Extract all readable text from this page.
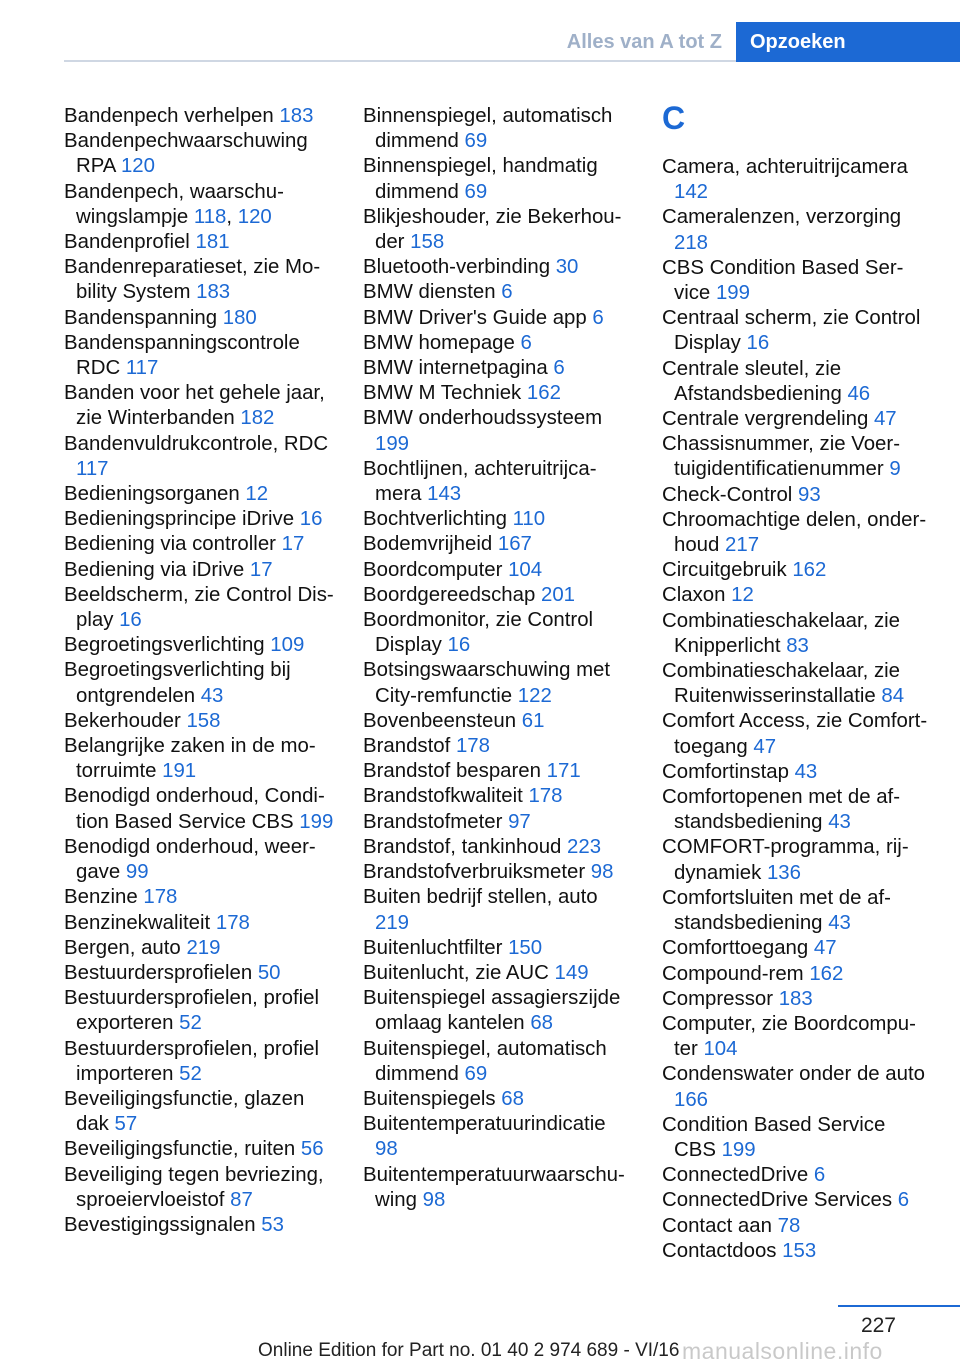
Alles van A tot Z	Opzoeken
Bandenpech verhelpen 183
Bandenpechwaarschuwing RPA 120
Bandenpech, waarschuwingslampje 118, 120
Bandenprofiel 181
Bandenreparatieset, zie Mobility System 183
Bandenspanning 180
Bandenspanningscontrole RDC 117
Banden voor het gehele jaar, zie Winterbanden 182
Bandenvuldrukcontrole, RDC 117
Bedieningsorganen 12
Bedieningsprincipe iDrive 16
Bediening via controller 17
Bediening via iDrive 17
Beeldscherm, zie Control Display 16
Begroetingsverlichting 109
Begroetingsverlichting bij ontgrendelen 43
Bekerhouder 158
Belangrijke zaken in de motorruimte 191
Benodigd onderhoud, Condition Based Service CBS 199
Benodigd onderhoud, weergave 99
Benzine 178
Benzinekwaliteit 178
Bergen, auto 219
Bestuurdersprofielen 50
Bestuurdersprofielen, profiel exporteren 52
Bestuurdersprofielen, profiel importeren 52
Beveiligingsfunctie, glazen dak 57
Beveiligingsfunctie, ruiten 56
Beveiliging tegen bevriezing, sproeiervloeistof 87
Bevestigingssignalen 53
Binnenspiegel, automatisch dimmend 69
Binnenspiegel, handmatig dimmend 69
Blikjeshouder, zie Bekerhouder 158
Bluetooth-verbinding 30
BMW diensten 6
BMW Driver's Guide app 6
BMW homepage 6
BMW internetpagina 6
BMW M Techniek 162
BMW onderhoudssysteem 199
Bochtlijnen, achteruitrijcamera 143
Bochtverlichting 110
Bodemvrijheid 167
Boordcomputer 104
Boordgereedschap 201
Boordmonitor, zie Control Display 16
Botsingswaarschuwing met City-remfunctie 122
Bovenbeensteun 61
Brandstof 178
Brandstof besparen 171
Brandstofkwaliteit 178
Brandstofmeter 97
Brandstof, tankinhoud 223
Brandstofverbruiksmeter 98
Buiten bedrijf stellen, auto 219
Buitenluchtfilter 150
Buitenlucht, zie AUC 149
Buitenspiegel assagierszijde omlaag kantelen 68
Buitenspiegel, automatisch dimmend 69
Buitenspiegels 68
Buitentemperatuurindicatie 98
Buitentemperatuurwaarschuwing 98
C
Camera, achteruitrijcamera 142
Cameralenzen, verzorging 218
CBS Condition Based Service 199
Centraal scherm, zie Control Display 16
Centrale sleutel, zie Afstandsbediening 46
Centrale vergrendeling 47
Chassisnummer, zie Voertuigidentificatienummer 9
Check-Control 93
Chroomachtige delen, onderhoud 217
Circuitgebruik 162
Claxon 12
Combinatieschakelaar, zie Knipperlicht 83
Combinatieschakelaar, zie Ruitenwisserinstallatie 84
Comfort Access, zie Comforttoegang 47
Comfortinstap 43
Comfortopenen met de afstandsbediening 43
COMFORT-programma, rijdynamiek 136
Comfortsluiten met de afstandsbediening 43
Comforttoegang 47
Compound-rem 162
Compressor 183
Computer, zie Boordcomputer 104
Condenswater onder de auto 166
Condition Based Service CBS 199
ConnectedDrive 6
ConnectedDrive Services 6
Contact aan 78
Contactdoos 153
227
Online Edition for Part no. 01 40 2 974 689 - VI/16 manualsonline.info
